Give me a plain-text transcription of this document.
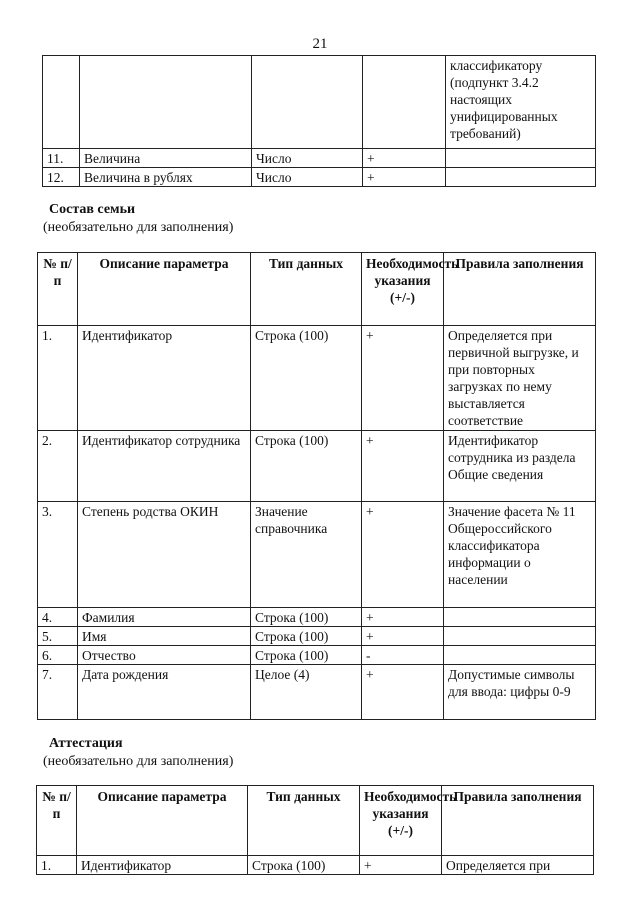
21
				классификатору (подпункт 3.4.2 настоящих унифицированных требований)
11.	Величина	Число	+	
12.	Величина в рублях	Число	+	
Состав семьи
(необязательно для заполнения)
№ п/п	Описание параметра	Тип данных	Необходимость указания (+/-)	Правила заполнения
1.	Идентификатор	Строка (100)	+	Определяется при первичной выгрузке, и при повторных загрузках по нему выставляется соответствие
2.	Идентификатор сотрудника	Строка (100)	+	Идентификатор сотрудника из раздела Общие сведения
3.	Степень родства ОКИН	Значение справочника	+	Значение фасета № 11 Общероссийского классификатора информации о населении
4.	Фамилия	Строка (100)	+	
5.	Имя	Строка (100)	+	
6.	Отчество	Строка (100)	-	
7.	Дата рождения	Целое (4)	+	Допустимые символы для ввода: цифры 0-9
Аттестация
(необязательно для заполнения)
№ п/п	Описание параметра	Тип данных	Необходимость указания (+/-)	Правила заполнения
1.	Идентификатор	Строка (100)	+	Определяется при
